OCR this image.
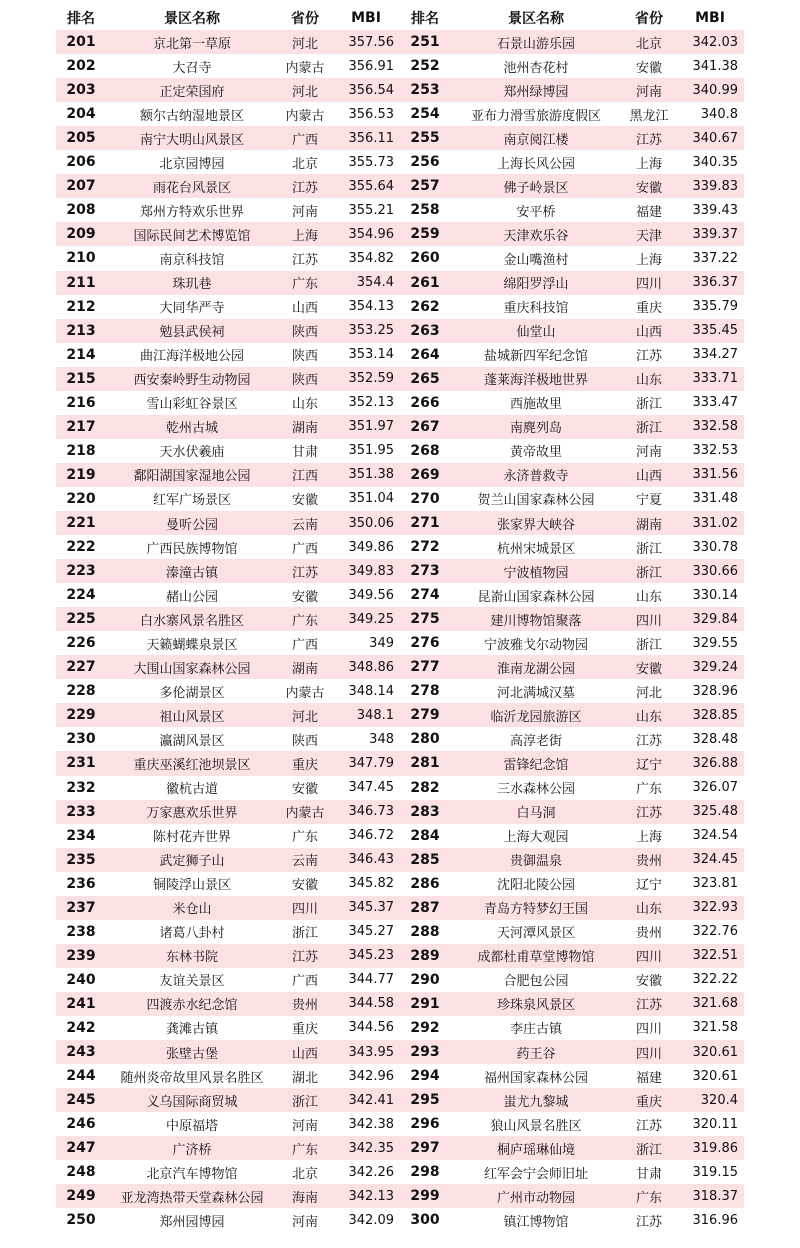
排名	景区名称	省份	MBI	排名	景区名称	省份	MBI
201	京北第一草原	河北	357.56	251	石景山游乐园	北京	342.03
202	大召寺	内蒙古	356.91	252	池州杏花村	安徽	341.38
203	正定荣国府	河北	356.54	253	郑州绿博园	河南	340.99
204	额尔古纳湿地景区	内蒙古	356.53	254	亚布力滑雪旅游度假区	黑龙江	340.8
205	南宁大明山风景区	广西	356.11	255	南京阅江楼	江苏	340.67
206	北京园博园	北京	355.73	256	上海长风公园	上海	340.35
207	雨花台风景区	江苏	355.64	257	佛子岭景区	安徽	339.83
208	郑州方特欢乐世界	河南	355.21	258	安平桥	福建	339.43
209	国际民间艺术博览馆	上海	354.96	259	天津欢乐谷	天津	339.37
210	南京科技馆	江苏	354.82	260	金山嘴渔村	上海	337.22
211	珠玑巷	广东	354.4	261	绵阳罗浮山	四川	336.37
212	大同华严寺	山西	354.13	262	重庆科技馆	重庆	335.79
213	勉县武侯祠	陕西	353.25	263	仙堂山	山西	335.45
214	曲江海洋极地公园	陕西	353.14	264	盐城新四军纪念馆	江苏	334.27
215	西安秦岭野生动物园	陕西	352.59	265	蓬莱海洋极地世界	山东	333.71
216	雪山彩虹谷景区	山东	352.13	266	西施故里	浙江	333.47
217	乾州古城	湖南	351.97	267	南麂列岛	浙江	332.58
218	天水伏羲庙	甘肃	351.95	268	黄帝故里	河南	332.53
219	鄱阳湖国家湿地公园	江西	351.38	269	永济普救寺	山西	331.56
220	红军广场景区	安徽	351.04	270	贺兰山国家森林公园	宁夏	331.48
221	曼听公园	云南	350.06	271	张家界大峡谷	湖南	331.02
222	广西民族博物馆	广西	349.86	272	杭州宋城景区	浙江	330.78
223	溱潼古镇	江苏	349.83	273	宁波植物园	浙江	330.66
224	赭山公园	安徽	349.56	274	昆嵛山国家森林公园	山东	330.14
225	白水寨风景名胜区	广东	349.25	275	建川博物馆聚落	四川	329.84
226	天籁蝴蝶泉景区	广西	349	276	宁波雅戈尔动物园	浙江	329.55
227	大围山国家森林公园	湖南	348.86	277	淮南龙湖公园	安徽	329.24
228	多伦湖景区	内蒙古	348.14	278	河北满城汉墓	河北	328.96
229	祖山风景区	河北	348.1	279	临沂龙园旅游区	山东	328.85
230	瀛湖风景区	陕西	348	280	高淳老街	江苏	328.48
231	重庆巫溪红池坝景区	重庆	347.79	281	雷锋纪念馆	辽宁	326.88
232	徽杭古道	安徽	347.45	282	三水森林公园	广东	326.07
233	万家惠欢乐世界	内蒙古	346.73	283	白马洞	江苏	325.48
234	陈村花卉世界	广东	346.72	284	上海大观园	上海	324.54
235	武定狮子山	云南	346.43	285	贵御温泉	贵州	324.45
236	铜陵浮山景区	安徽	345.82	286	沈阳北陵公园	辽宁	323.81
237	米仓山	四川	345.37	287	青岛方特梦幻王国	山东	322.93
238	诸葛八卦村	浙江	345.27	288	天河潭风景区	贵州	322.76
239	东林书院	江苏	345.23	289	成都杜甫草堂博物馆	四川	322.51
240	友谊关景区	广西	344.77	290	合肥包公园	安徽	322.22
241	四渡赤水纪念馆	贵州	344.58	291	珍珠泉风景区	江苏	321.68
242	龚滩古镇	重庆	344.56	292	李庄古镇	四川	321.58
243	张壁古堡	山西	343.95	293	药王谷	四川	320.61
244	随州炎帝故里风景名胜区	湖北	342.96	294	福州国家森林公园	福建	320.61
245	义乌国际商贸城	浙江	342.41	295	蚩尤九黎城	重庆	320.4
246	中原福塔	河南	342.38	296	狼山风景名胜区	江苏	320.11
247	广济桥	广东	342.35	297	桐庐瑶琳仙境	浙江	319.86
248	北京汽车博物馆	北京	342.26	298	红军会宁会师旧址	甘肃	319.15
249	亚龙湾热带天堂森林公园	海南	342.13	299	广州市动物园	广东	318.37
250	郑州园博园	河南	342.09	300	镇江博物馆	江苏	316.96
